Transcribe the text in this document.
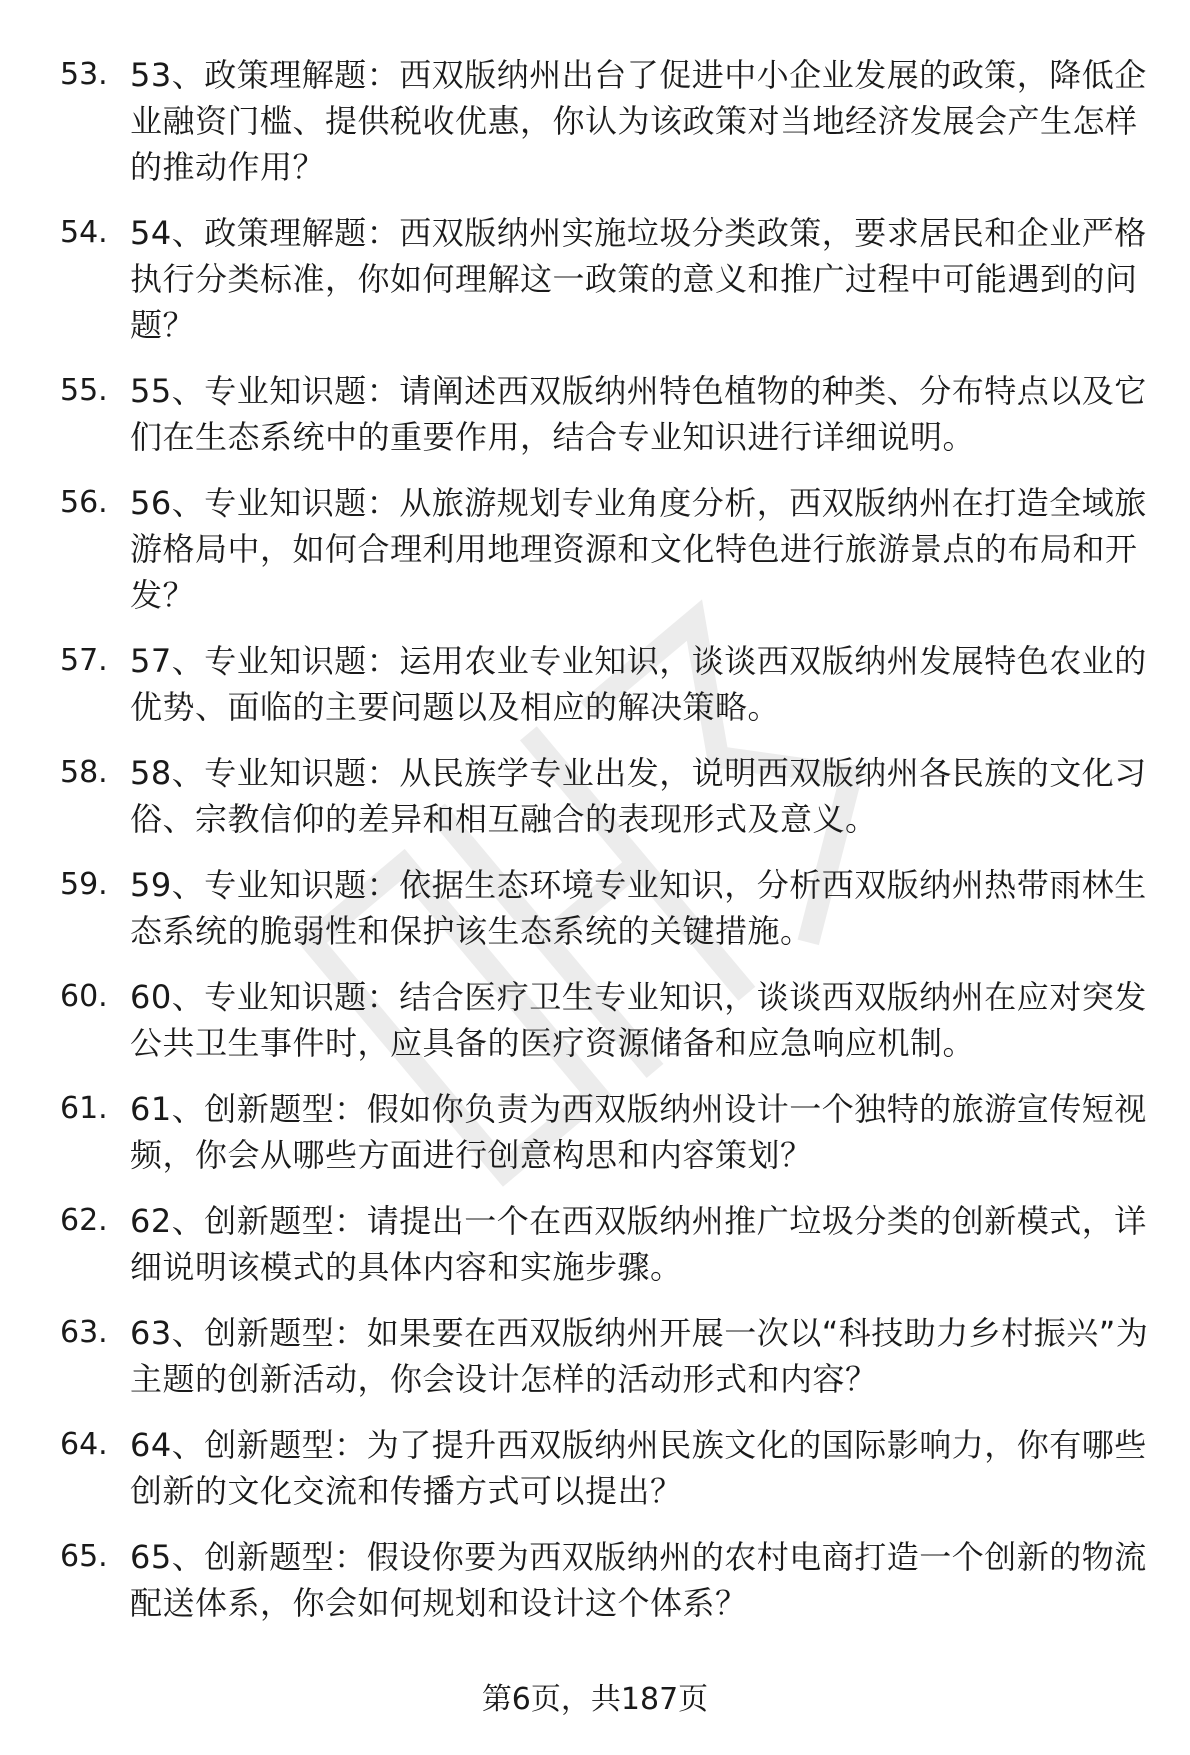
53. 53、政策理解题：西双版纳州出台了促进中小企业发展的政策，降低企业融资门槛、提供税收优惠，你认为该政策对当地经济发展会产生怎样的推动作用？
54. 54、政策理解题：西双版纳州实施垃圾分类政策，要求居民和企业严格执行分类标准，你如何理解这一政策的意义和推广过程中可能遇到的问题？
55. 55、专业知识题：请阐述西双版纳州特色植物的种类、分布特点以及它们在生态系统中的重要作用，结合专业知识进行详细说明。
56. 56、专业知识题：从旅游规划专业角度分析，西双版纳州在打造全域旅游格局中，如何合理利用地理资源和文化特色进行旅游景点的布局和开发？
57. 57、专业知识题：运用农业专业知识，谈谈西双版纳州发展特色农业的优势、面临的主要问题以及相应的解决策略。
58. 58、专业知识题：从民族学专业出发，说明西双版纳州各民族的文化习俗、宗教信仰的差异和相互融合的表现形式及意义。
59. 59、专业知识题：依据生态环境专业知识，分析西双版纳州热带雨林生态系统的脆弱性和保护该生态系统的关键措施。
60. 60、专业知识题：结合医疗卫生专业知识，谈谈西双版纳州在应对突发公共卫生事件时，应具备的医疗资源储备和应急响应机制。
61. 61、创新题型：假如你负责为西双版纳州设计一个独特的旅游宣传短视频，你会从哪些方面进行创意构思和内容策划？
62. 62、创新题型：请提出一个在西双版纳州推广垃圾分类的创新模式，详细说明该模式的具体内容和实施步骤。
63. 63、创新题型：如果要在西双版纳州开展一次以“科技助力乡村振兴”为主题的创新活动，你会设计怎样的活动形式和内容？
64. 64、创新题型：为了提升西双版纳州民族文化的国际影响力，你有哪些创新的文化交流和传播方式可以提出？
65. 65、创新题型：假设你要为西双版纳州的农村电商打造一个创新的物流配送体系，你会如何规划和设计这个体系？
第6页，共187页
